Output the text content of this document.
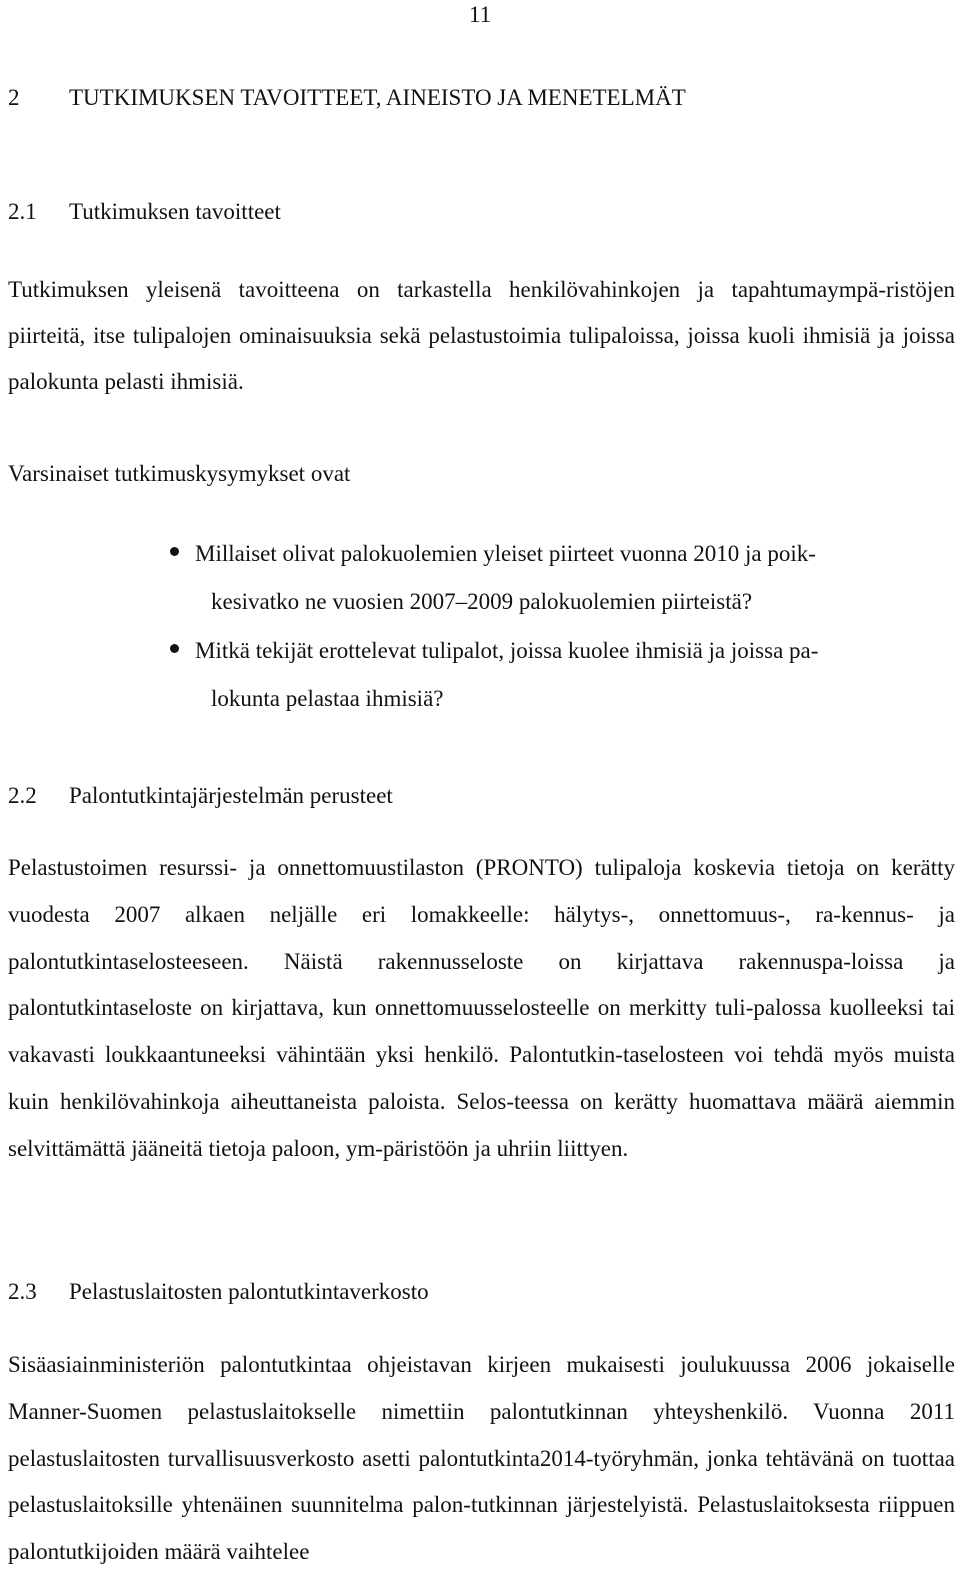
11
2 TUTKIMUKSEN TAVOITTEET, AINEISTO JA MENETELMÄT
2.1 Tutkimuksen tavoitteet

Tutkimuksen yleisenä tavoitteena on tarkastella henkilövahinkojen ja tapahtumaympä-ristöjen piirteitä, itse tulipalojen ominaisuuksia sekä pelastustoimia tulipaloissa, joissa kuoli ihmisiä ja joissa palokunta pelasti ihmisiä.

Varsinaiset tutkimuskysymykset ovat

Millaiset olivat palokuolemien yleiset piirteet vuonna 2010 ja poik-
kesivatko ne vuosien 2007–2009 palokuolemien piirteistä?
Mitkä tekijät erottelevat tulipalot, joissa kuolee ihmisiä ja joissa pa-
lokunta pelastaa ihmisiä?
2.2 Palontutkintajärjestelmän perusteet

Pelastustoimen resurssi- ja onnettomuustilaston (PRONTO) tulipaloja koskevia tietoja on kerätty vuodesta 2007 alkaen neljälle eri lomakkeelle: hälytys-, onnettomuus-, ra-kennus- ja palontutkintaselosteeseen. Näistä rakennusseloste on kirjattava rakennuspa-loissa ja palontutkintaseloste on kirjattava, kun onnettomuusselosteelle on merkitty tuli-palossa kuolleeksi tai vakavasti loukkaantuneeksi vähintään yksi henkilö. Palontutkin-taselosteen voi tehdä myös muista kuin henkilövahinkoja aiheuttaneista paloista. Selos-teessa on kerätty huomattava määrä aiemmin selvittämättä jääneitä tietoja paloon, ym-päristöön ja uhriin liittyen.

2.3 Pelastuslaitosten palontutkintaverkosto

Sisäasiainministeriön palontutkintaa ohjeistavan kirjeen mukaisesti joulukuussa 2006 jokaiselle Manner-Suomen pelastuslaitokselle nimettiin palontutkinnan yhteyshenkilö. Vuonna 2011 pelastuslaitosten turvallisuusverkosto asetti palontutkinta2014-työryhmän, jonka tehtävänä on tuottaa pelastuslaitoksille yhtenäinen suunnitelma palon-tutkinnan järjestelyistä. Pelastuslaitoksesta riippuen palontutkijoiden määrä vaihtelee
